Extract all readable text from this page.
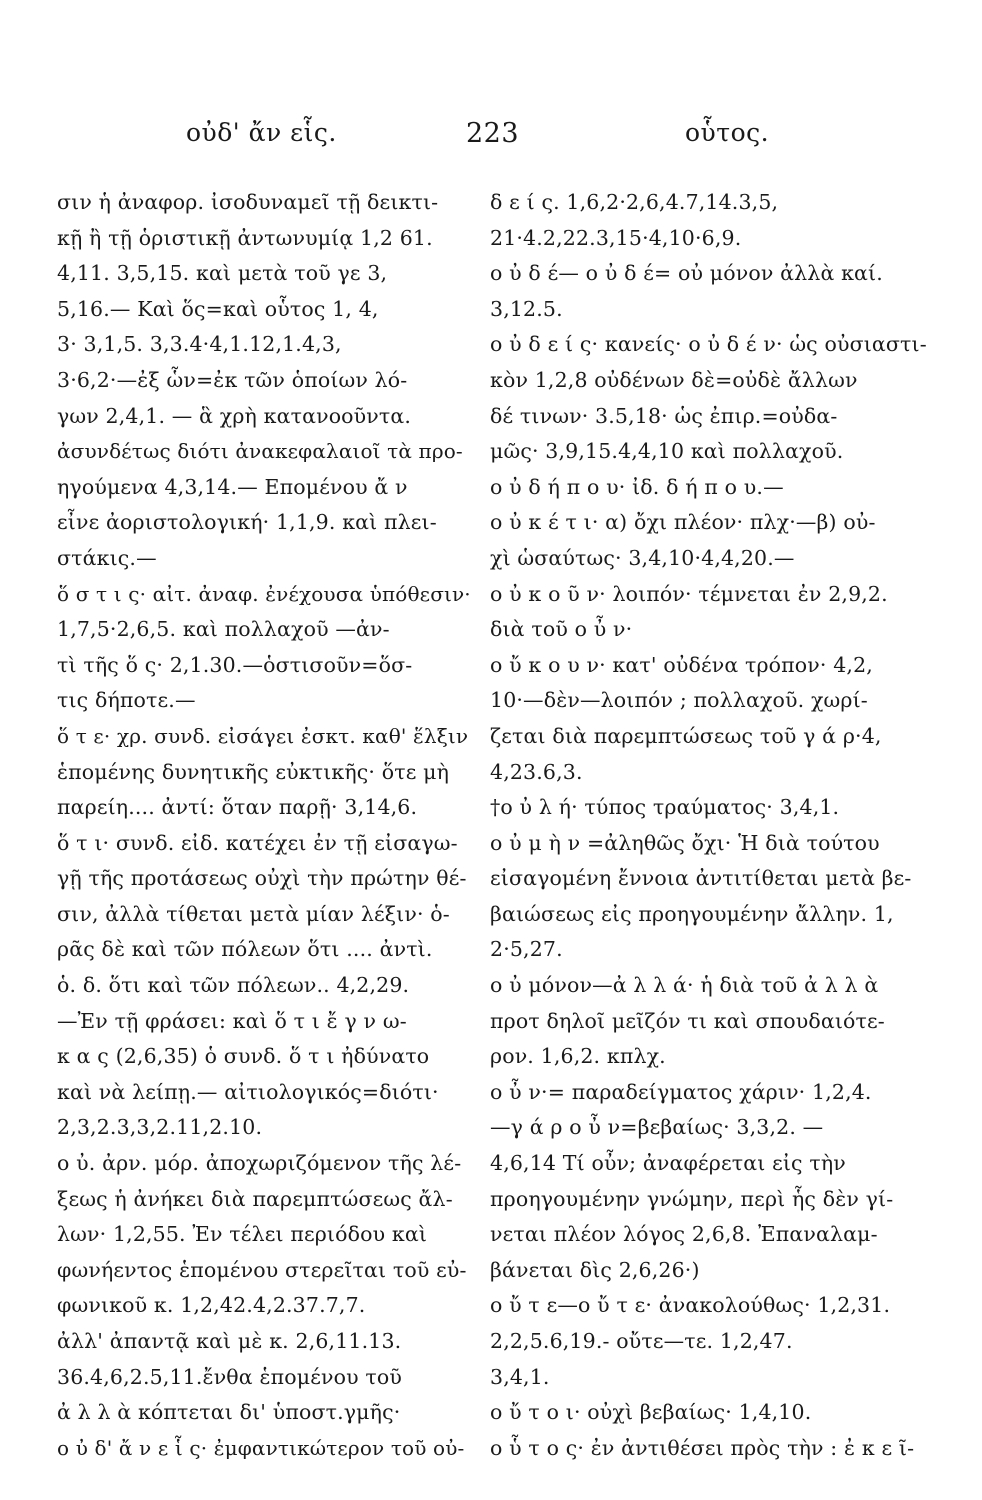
οὐδ' ἄν εἷς.	223	οὗτος.
σιν ἡ ἀναφορ. ἰσοδυναμεῖ τῇ δεικτι-
κῇ ἢ τῇ ὁριστικῇ ἀντωνυμίᾳ 1,2 61.
4,11. 3,5,15. καὶ μετὰ τοῦ γε 3,
5,16.— Καὶ ὅς=καὶ οὗτος 1, 4,
3· 3,1,5. 3,3.4·4,1.12,1.4,3,
3·6,2·—ἐξ ὧν=ἐκ τῶν ὁποίων λό-
γων 2,4,1. — ἃ χρὴ κατανοοῦντα.
ἀσυνδέτως διότι ἀνακεφαλαιοῖ τὰ προ-
ηγούμενα 4,3,14.— Επομένου ἄ ν
εἶνε ἀοριστολογική· 1,1,9. καὶ πλει-
στάκις.—
ὅ σ τ ι ς· αἰτ. ἀναφ. ἐνέχουσα ὑπόθεσιν·
1,7,5·2,6,5. καὶ πολλαχοῦ —ἀν-
τὶ τῆς ὅ ς· 2,1.30.—ὁστισοῦν=ὅσ-
τις δήποτε.—
ὅ τ ε· χρ. συνδ. εἰσάγει ἐσκτ. καθ' ἕλξιν
ἑπομένης δυνητικῆς εὐκτικῆς· ὅτε μὴ
παρείη.... ἀντί: ὅταν παρῇ· 3,14,6.
ὅ τ ι· συνδ. εἰδ. κατέχει ἐν τῇ εἰσαγω-
γῇ τῆς προτάσεως οὐχὶ τὴν πρώτην θέ-
σιν, ἀλλὰ τίθεται μετὰ μίαν λέξιν· ὁ-
ρᾶς δὲ καὶ τῶν πόλεων ὅτι .... ἀντὶ.
ὁ. δ. ὅτι καὶ τῶν πόλεων.. 4,2,29.
—Ἐν τῇ φράσει: καὶ ὅ τ ι ἔ γ ν ω-
κ α ς (2,6,35) ὁ συνδ. ὅ τ ι ἠδύνατο
καὶ νὰ λείπῃ.— αἰτιολογικός=διότι·
2,3,2.3,3,2.11,2.10.
ο ὐ. ἀρν. μόρ. ἀποχωριζόμενον τῆς λέ-
ξεως ἡ ἀνήκει διὰ παρεμπτώσεως ἄλ-
λων· 1,2,55. Ἐν τέλει περιόδου καὶ
φωνήεντος ἑπομένου στερεῖται τοῦ εὐ-
φωνικοῦ κ. 1,2,42.4,2.37.7,7.
ἀλλ' ἀπαντᾷ καὶ μὲ κ. 2,6,11.13.
36.4,6,2.5,11.ἔνθα ἑπομένου τοῦ
ἀ λ λ ὰ κόπτεται δι' ὑποστ.γμῆς·
ο ὐ δ' ἄ ν ε ἷ ς· ἐμφαντικώτερον τοῦ οὐ-
δ ε ί ς. 1,6,2·2,6,4.7,14.3,5,
21·4.2,22.3,15·4,10·6,9.
ο ὐ δ έ— ο ὐ δ έ= οὐ μόνον ἀλλὰ καί.
3,12.5.
ο ὐ δ ε ί ς· κανείς· ο ὐ δ έ ν· ὡς οὐσιαστι-
κὸν 1,2,8 οὐδένων δὲ=οὐδὲ ἄλλων
δέ τινων· 3.5,18· ὡς ἐπιρ.=οὐδα-
μῶς· 3,9,15.4,4,10 καὶ πολλαχοῦ.
ο ὐ δ ή π ο υ· ἰδ. δ ή π ο υ.—
ο ὐ κ έ τ ι· α) ὄχι πλέον· πλχ·—β) οὐ-
χὶ ὡσαύτως· 3,4,10·4,4,20.—
ο ὐ κ ο ῦ ν· λοιπόν· τέμνεται ἐν 2,9,2.
διὰ τοῦ ο ὖ ν·
ο ὔ κ ο υ ν· κατ' οὐδένα τρόπον· 4,2,
10·—δὲν—λοιπόν ; πολλαχοῦ. χωρί-
ζεται διὰ παρεμπτώσεως τοῦ γ ά ρ·4,
4,23.6,3.
†ο ὐ λ ή· τύπος τραύματος· 3,4,1.
ο ὐ μ ὴ ν =ἀληθῶς ὄχι· Ἡ διὰ τούτου
εἰσαγομένη ἔννοια ἀντιτίθεται μετὰ βε-
βαιώσεως εἰς προηγουμένην ἄλλην. 1,
2·5,27.
ο ὐ μόνον—ἀ λ λ ά· ἡ διὰ τοῦ ἀ λ λ ὰ
προτ δηλοῖ μεῖζόν τι καὶ σπουδαιότε-
ρον. 1,6,2. κπλχ.
ο ὖ ν·= παραδείγματος χάριν· 1,2,4.
—γ ά ρ ο ὖ ν=βεβαίως· 3,3,2. —
4,6,14 Τί οὖν; ἀναφέρεται εἰς τὴν
προηγουμένην γνώμην, περὶ ἧς δὲν γί-
νεται πλέον λόγος 2,6,8. Ἐπαναλαμ-
βάνεται δὶς 2,6,26·)
ο ὔ τ ε—ο ὔ τ ε· ἀνακολούθως· 1,2,31.
2,2,5.6,19.- οὔτε—τε. 1,2,47.
3,4,1.
ο ὔ τ ο ι· οὐχὶ βεβαίως· 1,4,10.
ο ὗ τ ο ς· ἐν ἀντιθέσει πρὸς τὴν : ἐ κ ε ῖ-
